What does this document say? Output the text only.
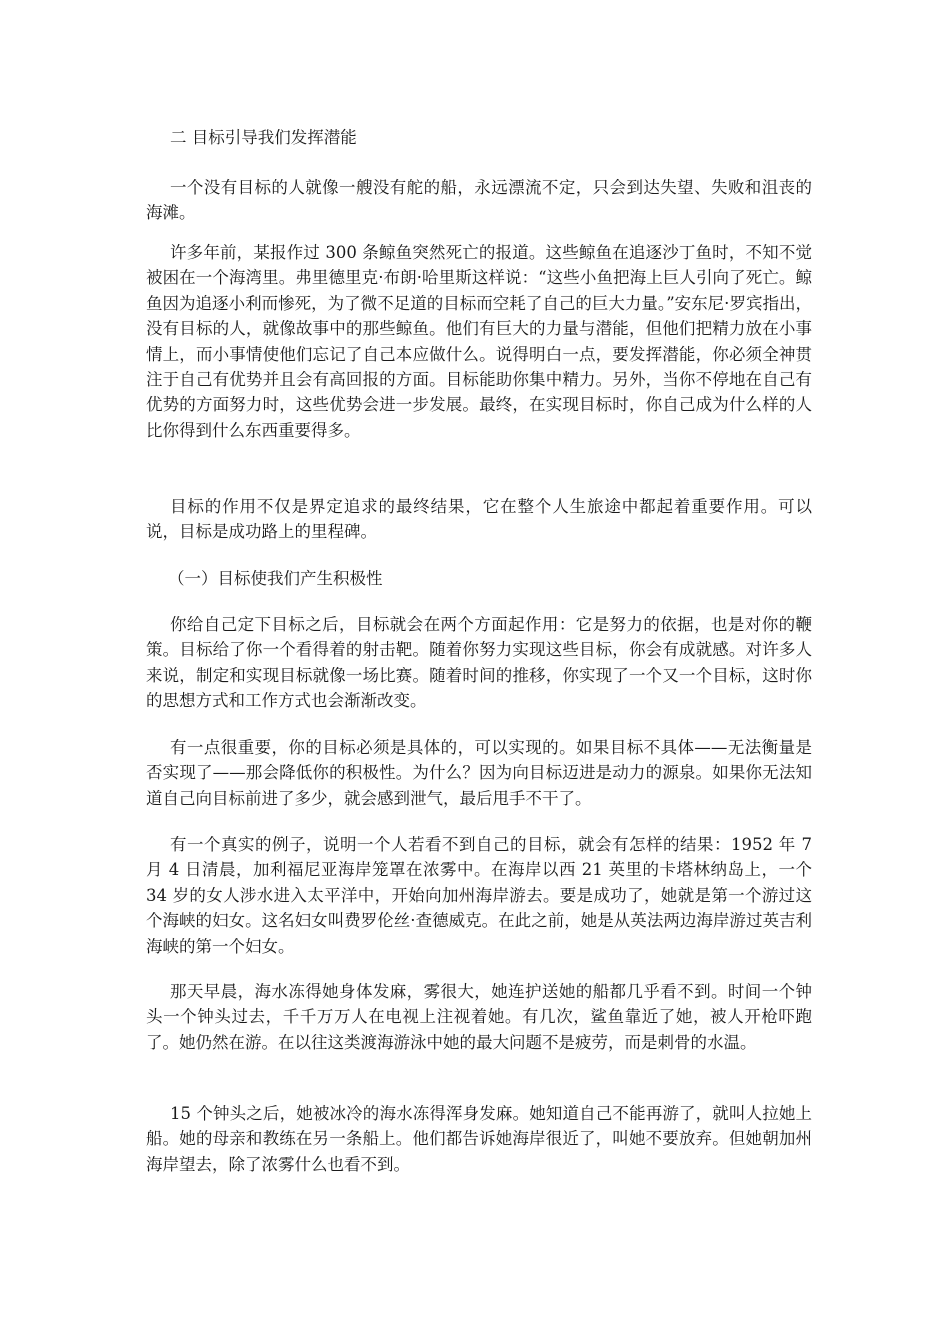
二 目标引导我们发挥潜能

一个没有目标的人就像一艘没有舵的船，永远漂流不定，只会到达失望、失败和沮丧的海滩。

许多年前，某报作过 300 条鲸鱼突然死亡的报道。这些鲸鱼在追逐沙丁鱼时，不知不觉被困在一个海湾里。弗里德里克·布朗·哈里斯这样说：“这些小鱼把海上巨人引向了死亡。鲸鱼因为追逐小利而惨死，为了微不足道的目标而空耗了自己的巨大力量。”安东尼·罗宾指出，没有目标的人，就像故事中的那些鲸鱼。他们有巨大的力量与潜能，但他们把精力放在小事情上，而小事情使他们忘记了自己本应做什么。说得明白一点，要发挥潜能，你必须全神贯注于自己有优势并且会有高回报的方面。目标能助你集中精力。另外，当你不停地在自己有优势的方面努力时，这些优势会进一步发展。最终，在实现目标时，你自己成为什么样的人比你得到什么东西重要得多。

目标的作用不仅是界定追求的最终结果，它在整个人生旅途中都起着重要作用。可以说，目标是成功路上的里程碑。

（一）目标使我们产生积极性

你给自己定下目标之后，目标就会在两个方面起作用：它是努力的依据，也是对你的鞭策。目标给了你一个看得着的射击靶。随着你努力实现这些目标，你会有成就感。对许多人来说，制定和实现目标就像一场比赛。随着时间的推移，你实现了一个又一个目标，这时你的思想方式和工作方式也会渐渐改变。

有一点很重要，你的目标必须是具体的，可以实现的。如果目标不具体——无法衡量是否实现了——那会降低你的积极性。为什么？因为向目标迈进是动力的源泉。如果你无法知道自己向目标前进了多少，就会感到泄气，最后甩手不干了。

有一个真实的例子，说明一个人若看不到自己的目标，就会有怎样的结果：1952 年 7 月 4 日清晨，加利福尼亚海岸笼罩在浓雾中。在海岸以西 21 英里的卡塔林纳岛上，一个 34 岁的女人涉水进入太平洋中，开始向加州海岸游去。要是成功了，她就是第一个游过这个海峡的妇女。这名妇女叫费罗伦丝·查德威克。在此之前，她是从英法两边海岸游过英吉利海峡的第一个妇女。

那天早晨，海水冻得她身体发麻，雾很大，她连护送她的船都几乎看不到。时间一个钟头一个钟头过去，千千万万人在电视上注视着她。有几次，鲨鱼靠近了她，被人开枪吓跑了。她仍然在游。在以往这类渡海游泳中她的最大问题不是疲劳，而是刺骨的水温。

15 个钟头之后，她被冰冷的海水冻得浑身发麻。她知道自己不能再游了，就叫人拉她上船。她的母亲和教练在另一条船上。他们都告诉她海岸很近了，叫她不要放弃。但她朝加州海岸望去，除了浓雾什么也看不到。
